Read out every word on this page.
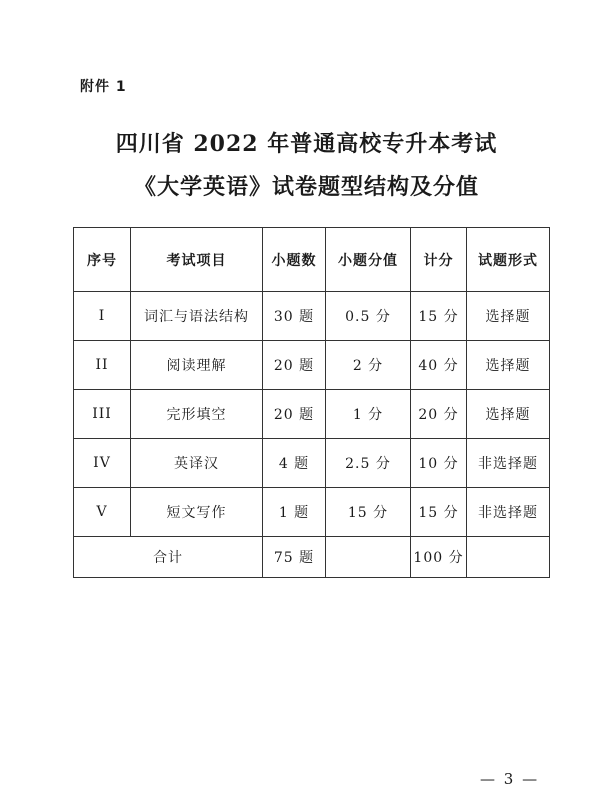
附件 1
四川省 2022 年普通高校专升本考试
《大学英语》试卷题型结构及分值
序号	考试项目	小题数	小题分值	计分	试题形式
I	词汇与语法结构	30 题	0.5 分	15 分	选择题
II	阅读理解	20 题	2 分	40 分	选择题
III	完形填空	20 题	1 分	20 分	选择题
IV	英译汉	4 题	2.5 分	10 分	非选择题
V	短文写作	1 题	15 分	15 分	非选择题
合计		75 题		100 分	
— 3 —
